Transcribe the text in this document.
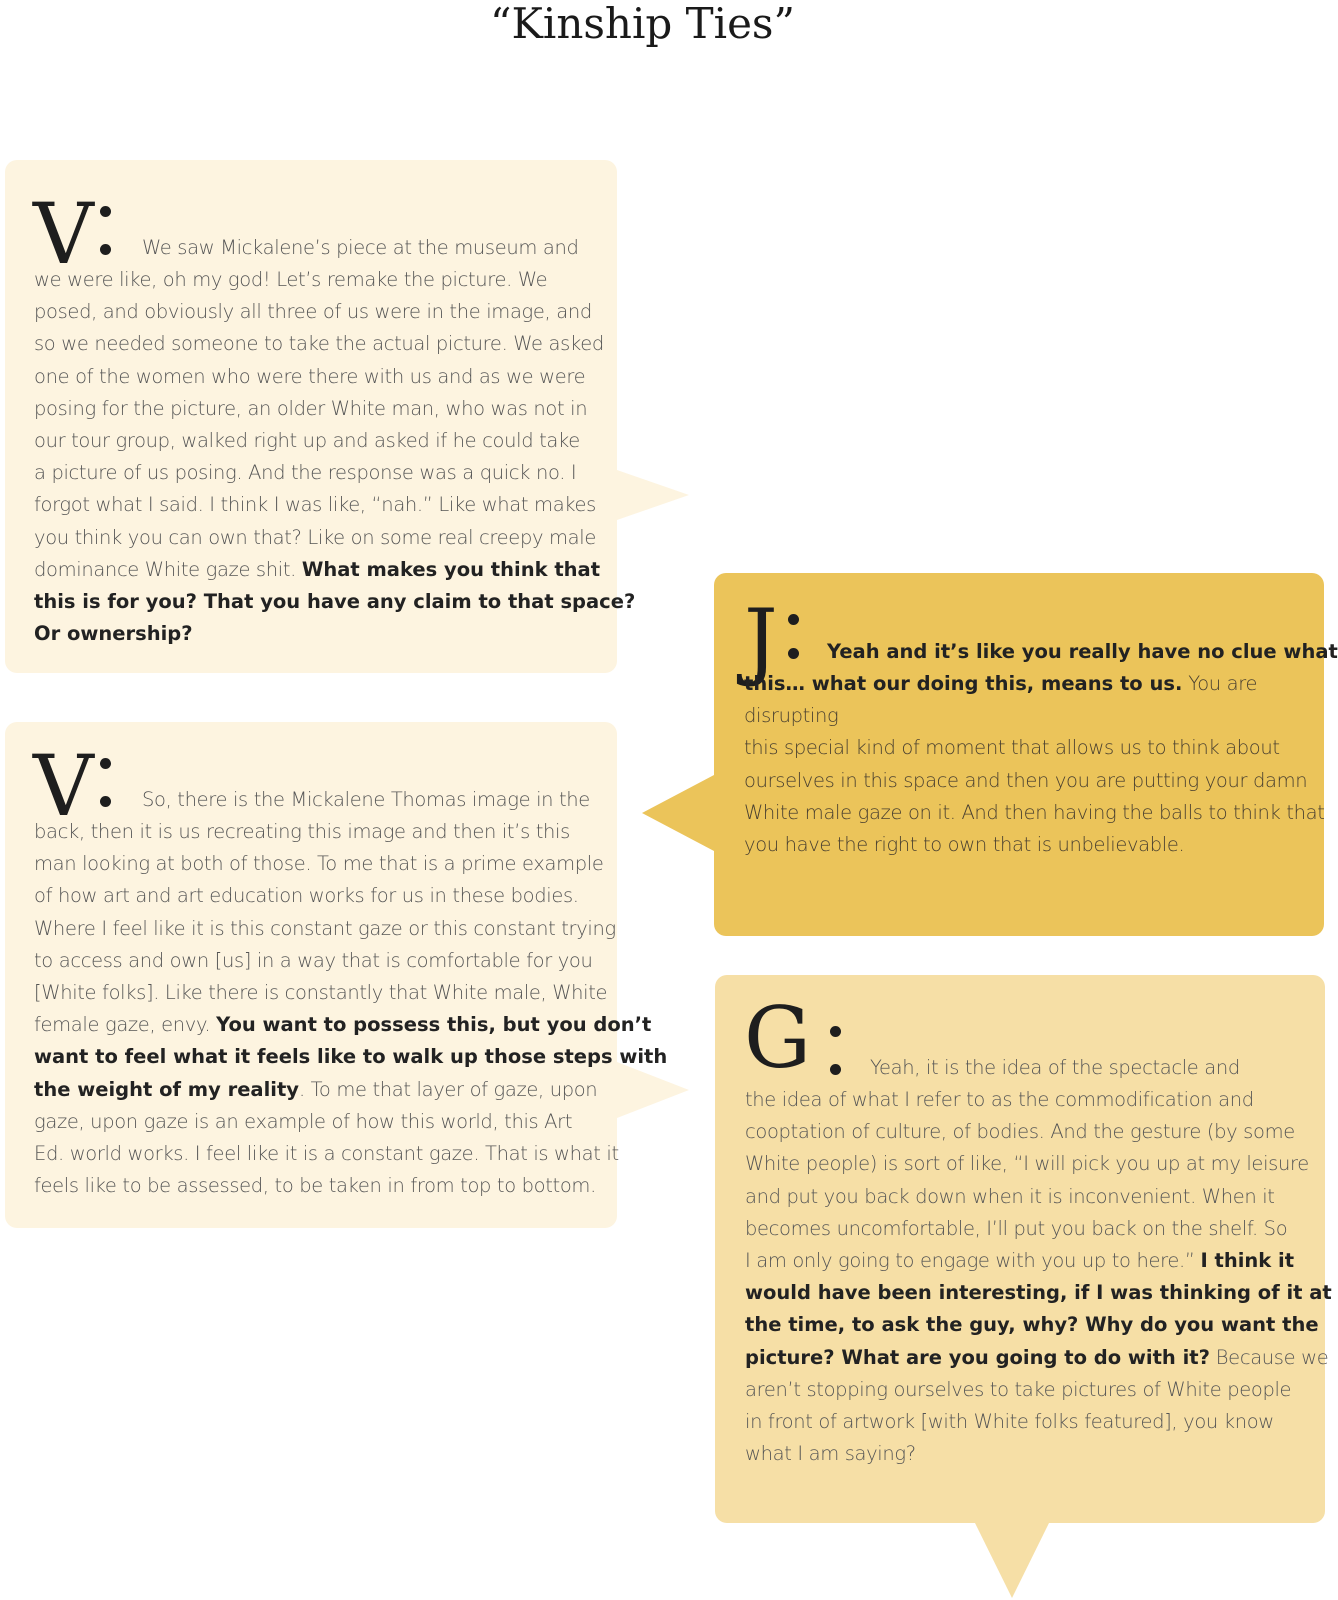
“Kinship Ties”
V We saw Mickalene’s piece at the museum and
we were like, oh my god! Let’s remake the picture. We
posed, and obviously all three of us were in the image, and
so we needed someone to take the actual picture. We asked
one of the women who were there with us and as we were
posing for the picture, an older White man, who was not in
our tour group, walked right up and asked if he could take
a picture of us posing. And the response was a quick no. I
forgot what I said. I think I was like, “nah.” Like what makes
you think you can own that? Like on some real creepy male
dominance White gaze shit. What makes you think that
this is for you? That you have any claim to that space?
Or ownership?
V So, there is the Mickalene Thomas image in the
back, then it is us recreating this image and then it’s this
man looking at both of those. To me that is a prime example
of how art and art education works for us in these bodies.
Where I feel like it is this constant gaze or this constant trying
to access and own [us] in a way that is comfortable for you
[White folks]. Like there is constantly that White male, White
female gaze, envy. You want to possess this, but you don’t
want to feel what it feels like to walk up those steps with
the weight of my reality. To me that layer of gaze, upon
gaze, upon gaze is an example of how this world, this Art
Ed. world works. I feel like it is a constant gaze. That is what it
feels like to be assessed, to be taken in from top to bottom.
J	Yeah and it’s like you really have no clue what
this… what our doing this, means to us. You are disrupting
this special kind of moment that allows us to think about
ourselves in this space and then you are putting your damn
White male gaze on it. And then having the balls to think that
you have the right to own that is unbelievable.
G	Yeah, it is the idea of the spectacle and
the idea of what I refer to as the commodification and
cooptation of culture, of bodies. And the gesture (by some
White people) is sort of like, “I will pick you up at my leisure
and put you back down when it is inconvenient. When it
becomes uncomfortable, I’ll put you back on the shelf. So
I am only going to engage with you up to here.” I think it
would have been interesting, if I was thinking of it at
the time, to ask the guy, why? Why do you want the
picture? What are you going to do with it? Because we
aren’t stopping ourselves to take pictures of White people
in front of artwork [with White folks featured], you know
what I am saying?
